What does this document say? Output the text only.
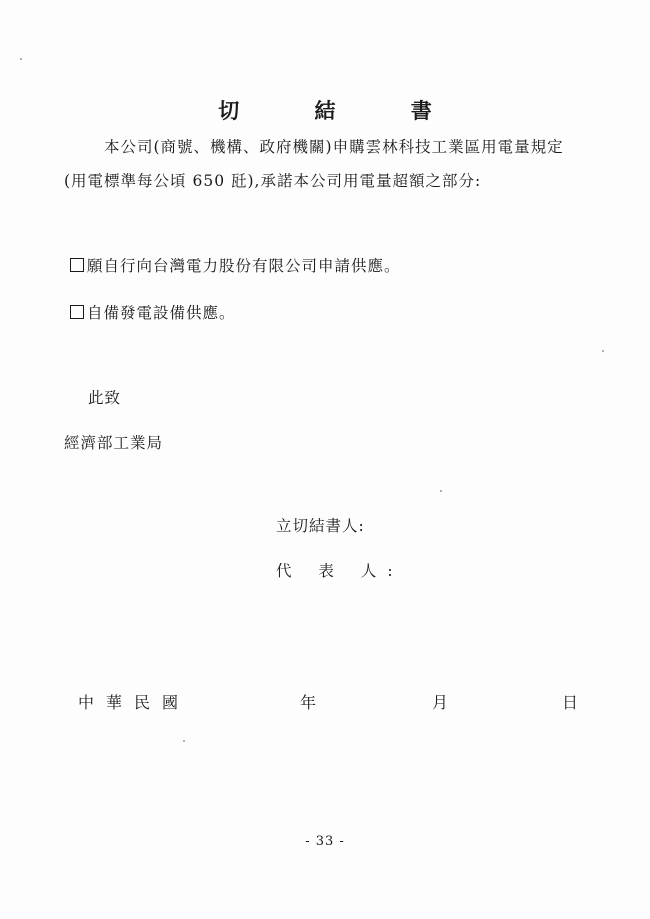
切 結 書
本公司(商號、機構、政府機關)申購雲林科技工業區用電量規定
(用電標準每公頃 650 瓩),承諾本公司用電量超額之部分:
願自行向台灣電力股份有限公司申請供應。
自備發電設備供應。
此致
經濟部工業局
立切結書人:
代 表 人:
中華民國	年	月	日
- 33 -
